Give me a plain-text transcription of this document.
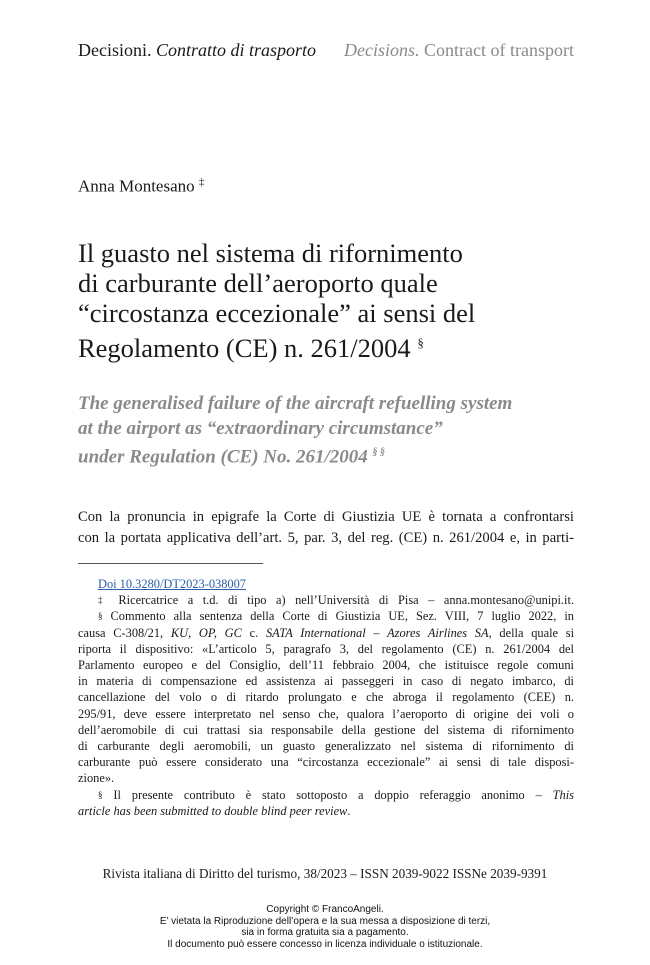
Decisioni. Contratto di trasporto Decisions. Contract of transport
Anna Montesano ‡
Il guasto nel sistema di rifornimento
di carburante dell’aeroporto quale
“circostanza eccezionale” ai sensi del
Regolamento (CE) n. 261/2004 §
The generalised failure of the aircraft refuelling system
at the airport as “extraordinary circumstance”
under Regulation (CE) No. 261/2004 § §

Con la pronuncia in epigrafe la Corte di Giustizia UE è tornata a confrontarsi
con la portata applicativa dell’art. 5, par. 3, del reg. (CE) n. 261/2004 e, in parti-

Doi 10.3280/DT2023-038007
‡ Ricercatrice a t.d. di tipo a) nell’Università di Pisa – anna.montesano@unipi.it.
§ Commento alla sentenza della Corte di Giustizia UE, Sez. VIII, 7 luglio 2022, in
causa C-308/21, KU, OP, GC c. SATA International – Azores Airlines SA, della quale si
riporta il dispositivo: «L’articolo 5, paragrafo 3, del regolamento (CE) n. 261/2004 del
Parlamento europeo e del Consiglio, dell’11 febbraio 2004, che istituisce regole comuni
in materia di compensazione ed assistenza ai passeggeri in caso di negato imbarco, di
cancellazione del volo o di ritardo prolungato e che abroga il regolamento (CEE) n.
295/91, deve essere interpretato nel senso che, qualora l’aeroporto di origine dei voli o
dell’aeromobile di cui trattasi sia responsabile della gestione del sistema di rifornimento
di carburante degli aeromobili, un guasto generalizzato nel sistema di rifornimento di
carburante può essere considerato una “circostanza eccezionale” ai sensi di tale disposi-
zione».
§ Il presente contributo è stato sottoposto a doppio referaggio anonimo – This
article has been submitted to double blind peer review.
Rivista italiana di Diritto del turismo, 38/2023 – ISSN 2039-9022 ISSNe 2039-9391
Copyright © FrancoAngeli.
E’ vietata la Riproduzione dell’opera e la sua messa a disposizione di terzi,
sia in forma gratuita sia a pagamento.
Il documento può essere concesso in licenza individuale o istituzionale.
